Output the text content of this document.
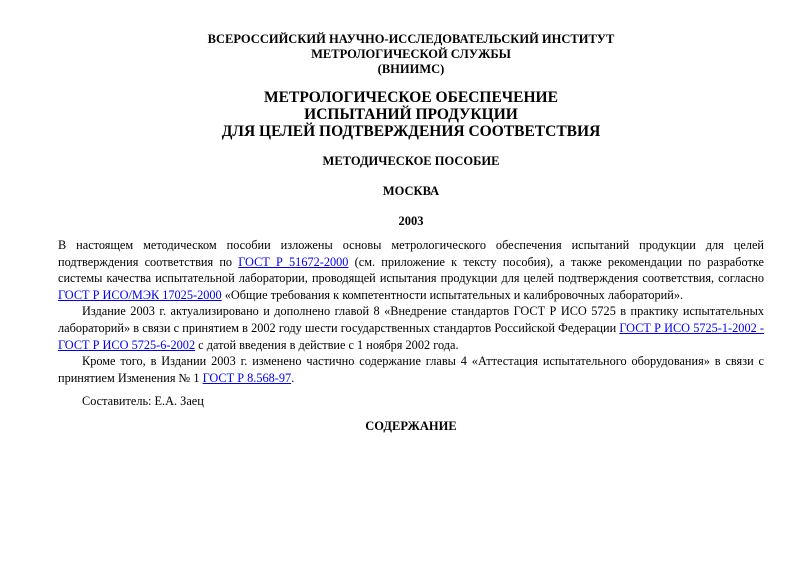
ВСЕРОССИЙСКИЙ НАУЧНО-ИССЛЕДОВАТЕЛЬСКИЙ ИНСТИТУТ
МЕТРОЛОГИЧЕСКОЙ СЛУЖБЫ
(ВНИИМС)
МЕТРОЛОГИЧЕСКОЕ ОБЕСПЕЧЕНИЕ
ИСПЫТАНИЙ ПРОДУКЦИИ
ДЛЯ ЦЕЛЕЙ ПОДТВЕРЖДЕНИЯ СООТВЕТСТВИЯ
МЕТОДИЧЕСКОЕ ПОСОБИЕ
МОСКВА
2003

В настоящем методическом пособии изложены основы метрологического обеспечения испытаний продукции для целей подтверждения соответствия по ГОСТ Р 51672-2000 (см. приложение к тексту пособия), а также рекомендации по разработке системы качества испытательной лаборатории, проводящей испытания продукции для целей подтверждения соответствия, согласно ГОСТ Р ИСО/МЭК 17025-2000 «Общие требования к компетентности испытательных и калибровочных лабораторий».

Издание 2003 г. актуализировано и дополнено главой 8 «Внедрение стандартов ГОСТ Р ИСО 5725 в практику испытательных лабораторий» в связи с принятием в 2002 году шести государственных стандартов Российской Федерации ГОСТ Р ИСО 5725-1-2002 - ГОСТ Р ИСО 5725-6-2002 с датой введения в действие с 1 ноября 2002 года.

Кроме того, в Издании 2003 г. изменено частично содержание главы 4 «Аттестация испытательного оборудования» в связи с принятием Изменения № 1 ГОСТ Р 8.568-97.

Составитель: Е.А. Заец
СОДЕРЖАНИЕ
